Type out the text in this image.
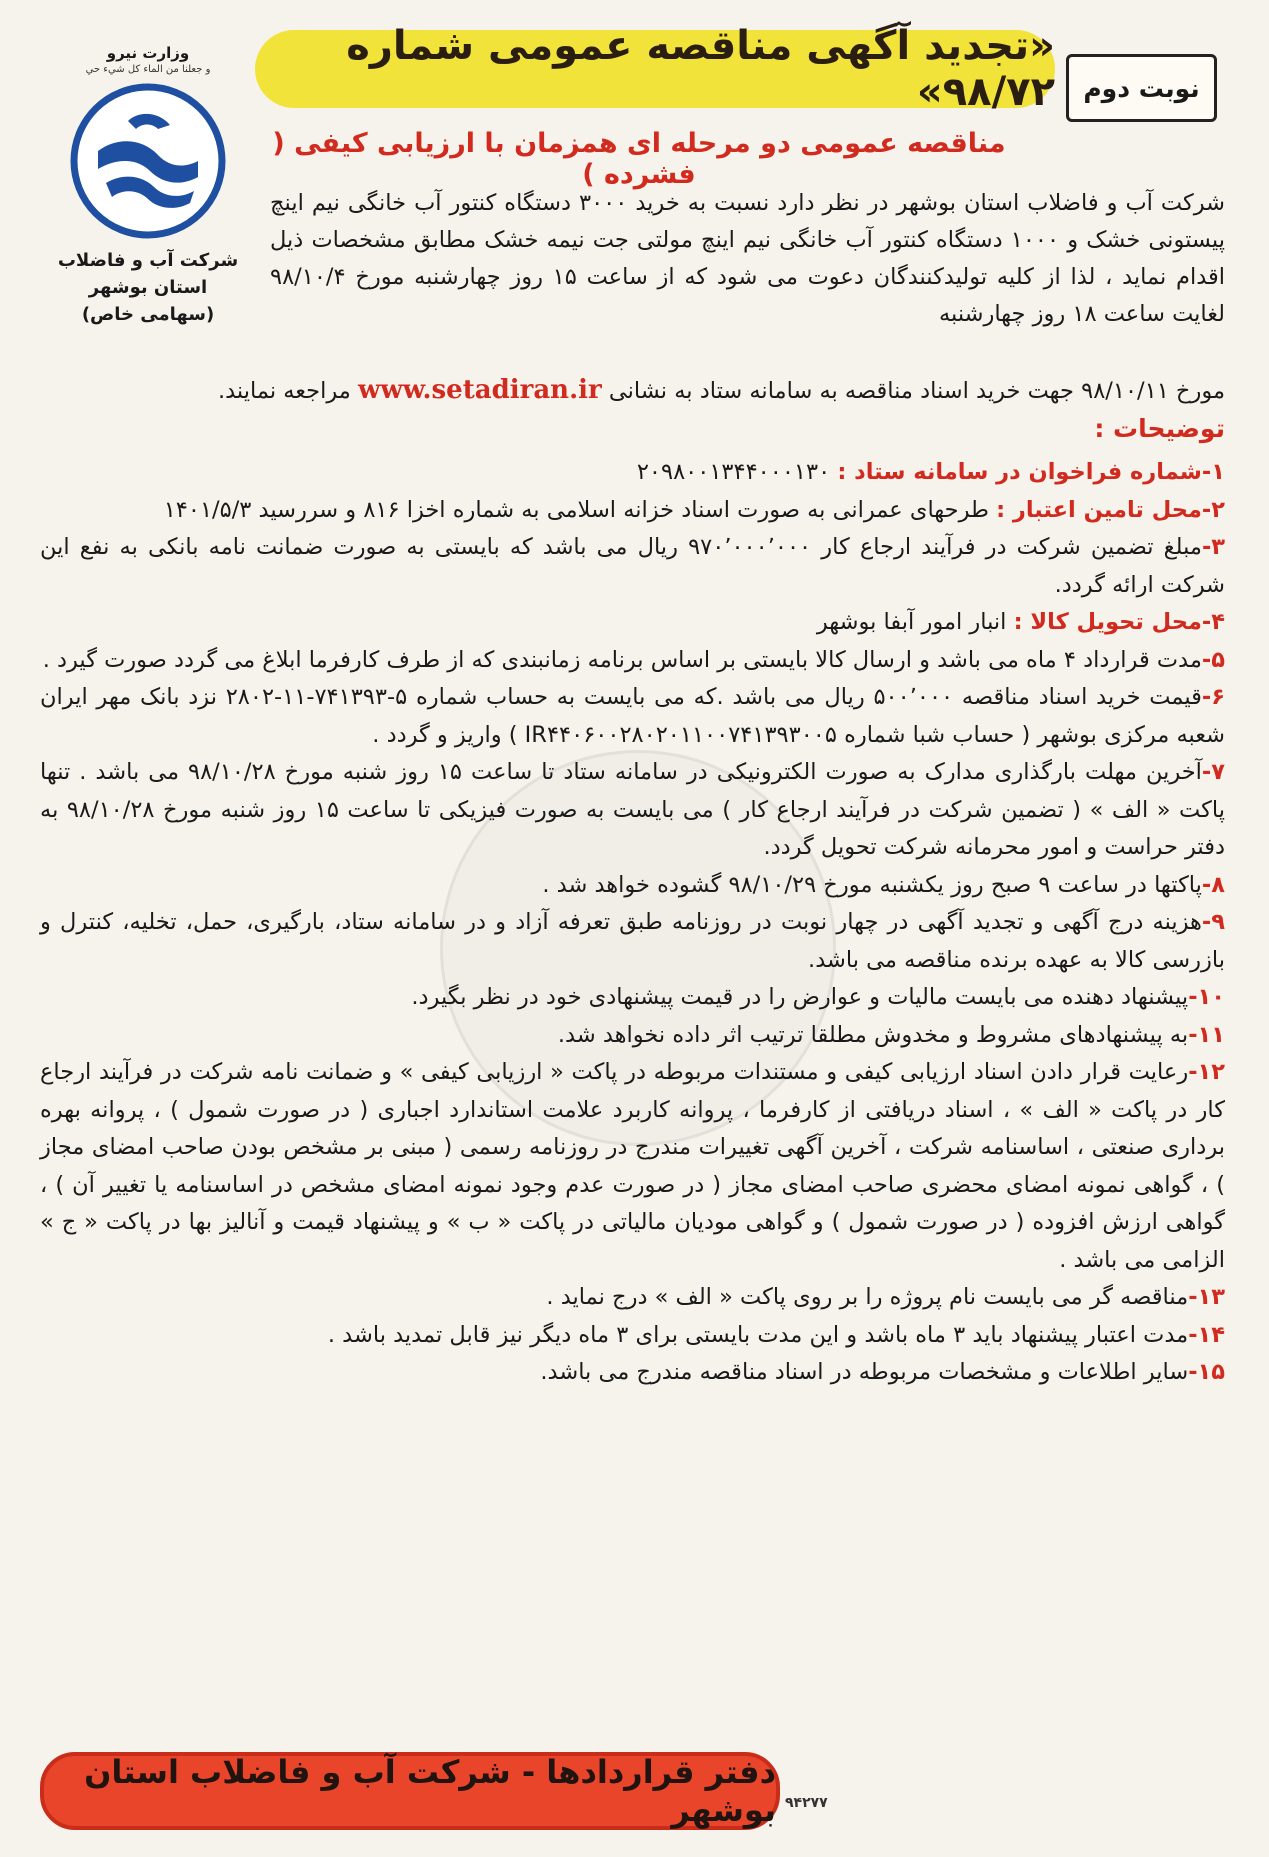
وزارت نیرو
و جعلنا من الماء كل شيء حي
شرکت آب و فاضلاب
استان بوشهر
(سهامی خاص)
«تجدید آگهی مناقصه عمومی شماره ۹۸/۷۲» نوبت دوم
مناقصه عمومی دو مرحله ای همزمان با ارزیابی کیفی ( فشرده )
شرکت آب و فاضلاب استان بوشهر در نظر دارد نسبت به خرید ۳۰۰۰ دستگاه کنتور آب خانگی نیم اینچ پیستونی خشک و ۱۰۰۰ دستگاه کنتور آب خانگی نیم اینچ مولتی جت نیمه خشک مطابق مشخصات ذیل اقدام نماید ، لذا از کلیه تولیدکنندگان دعوت می شود که از ساعت ۱۵ روز چهارشنبه مورخ ۹۸/۱۰/۴ لغایت ساعت ۱۸ روز چهارشنبه
مورخ ۹۸/۱۰/۱۱ جهت خرید اسناد مناقصه به سامانه ستاد به نشانی www.setadiran.ir مراجعه نمایند.
توضیحات :

۱-شماره فراخوان در سامانه ستاد : ۲۰۹۸۰۰۱۳۴۴۰۰۰۱۳۰

۲-محل تامین اعتبار : طرحهای عمرانی به صورت اسناد خزانه اسلامی به شماره اخزا ۸۱۶ و سررسید ۱۴۰۱/۵/۳

۳-مبلغ تضمین شرکت در فرآیند ارجاع کار ۹۷۰٬۰۰۰٬۰۰۰ ریال می باشد که بایستی به صورت ضمانت نامه بانکی به نفع این شرکت ارائه گردد.

۴-محل تحویل کالا : انبار امور آبفا بوشهر

۵-مدت قرارداد ۴ ماه می باشد و ارسال کالا بایستی بر اساس برنامه زمانبندی که از طرف کارفرما ابلاغ می گردد صورت گیرد .

۶-قیمت خرید اسناد مناقصه ۵۰۰٬۰۰۰ ریال می باشد .که می بایست به حساب شماره ۵-۷۴۱۳۹۳-۱۱-۲۸۰۲ نزد بانک مهر ایران شعبه مرکزی بوشهر ( حساب شبا شماره IR۴۴۰۶۰۰۲۸۰۲۰۱۱۰۰۷۴۱۳۹۳۰۰۵ ) واریز و گردد .

۷-آخرین مهلت بارگذاری مدارک به صورت الکترونیکی در سامانه ستاد تا ساعت ۱۵ روز شنبه مورخ ۹۸/۱۰/۲۸ می باشد . تنها پاکت « الف » ( تضمین شرکت در فرآیند ارجاع کار ) می بایست به صورت فیزیکی تا ساعت ۱۵ روز شنبه مورخ ۹۸/۱۰/۲۸ به دفتر حراست و امور محرمانه شرکت تحویل گردد.

۸-پاکتها در ساعت ۹ صبح روز یکشنبه مورخ ۹۸/۱۰/۲۹ گشوده خواهد شد .

۹-هزینه درج آگهی و تجدید آگهی در چهار نوبت در روزنامه طبق تعرفه آزاد و در سامانه ستاد، بارگیری، حمل، تخلیه، کنترل و بازرسی کالا به عهده برنده مناقصه می باشد.

۱۰-پیشنهاد دهنده می بایست مالیات و عوارض را در قیمت پیشنهادی خود در نظر بگیرد.

۱۱-به پیشنهادهای مشروط و مخدوش مطلقا ترتیب اثر داده نخواهد شد.

۱۲-رعایت قرار دادن اسناد ارزیابی کیفی و مستندات مربوطه در پاکت « ارزیابی کیفی » و ضمانت نامه شرکت در فرآیند ارجاع کار در پاکت « الف » ، اسناد دریافتی از کارفرما ، پروانه کاربرد علامت استاندارد اجباری ( در صورت شمول ) ، پروانه بهره برداری صنعتی ، اساسنامه شرکت ، آخرین آگهی تغییرات مندرج در روزنامه رسمی ( مبنی بر مشخص بودن صاحب امضای مجاز ) ، گواهی نمونه امضای محضری صاحب امضای مجاز ( در صورت عدم وجود نمونه امضای مشخص در اساسنامه یا تغییر آن ) ، گواهی ارزش افزوده ( در صورت شمول ) و گواهی مودیان مالیاتی در پاکت « ب » و پیشنهاد قیمت و آنالیز بها در پاکت « ج » الزامی می باشد .

۱۳-مناقصه گر می بایست نام پروژه را بر روی پاکت « الف » درج نماید .

۱۴-مدت اعتبار پیشنهاد باید ۳ ماه باشد و این مدت بایستی برای ۳ ماه دیگر نیز قابل تمدید باشد .

۱۵-سایر اطلاعات و مشخصات مربوطه در اسناد مناقصه مندرج می باشد.

دفتر قراردادها - شرکت آب و فاضلاب استان بوشهر ۹۴۲۷۷
